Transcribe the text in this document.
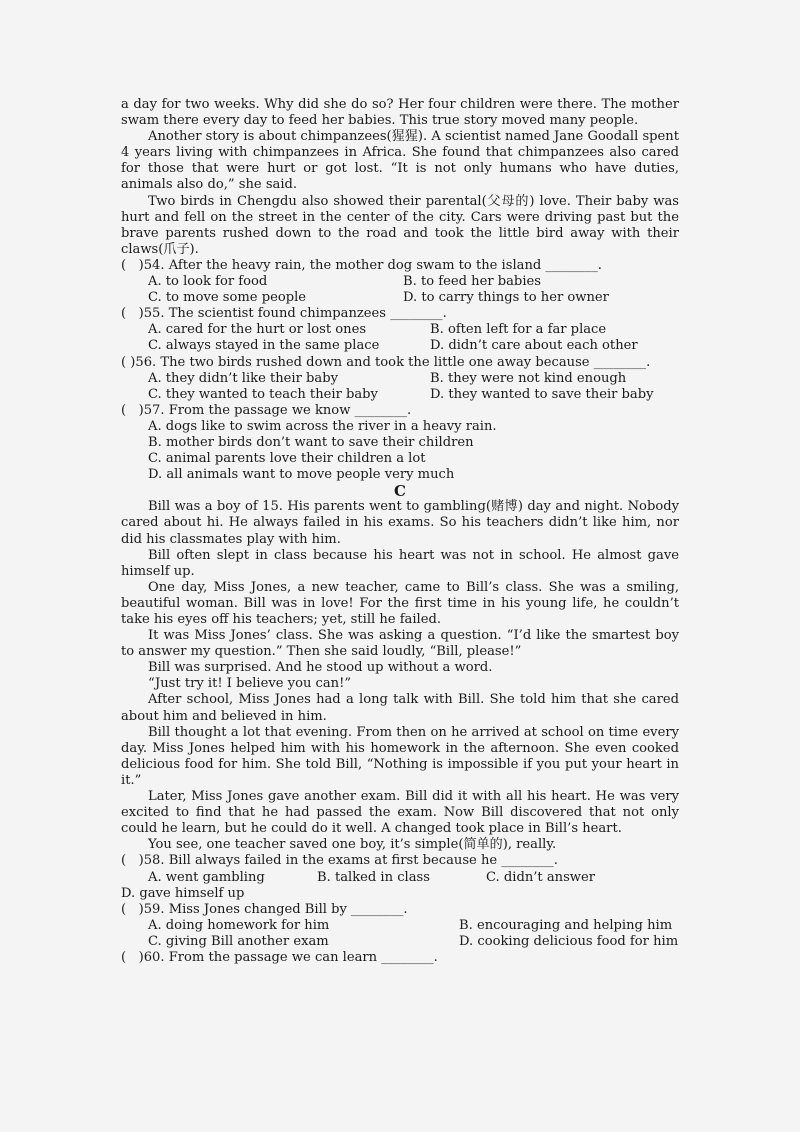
a day for two weeks. Why did she do so? Her four children were there. The mother swam there every day to feed her babies. This true story moved many people.

Another story is about chimpanzees(猩猩). A scientist named Jane Goodall spent 4 years living with chimpanzees in Africa. She found that chimpanzees also cared for those that were hurt or got lost. “It is not only humans who have duties, animals also do,” she said.

Two birds in Chengdu also showed their parental(父母的) love. Their baby was hurt and fell on the street in the center of the city. Cars were driving past but the brave parents rushed down to the road and took the little bird away with their claws(爪子).

(   )54. After the heavy rain, the mother dog swam to the island ________.

A. to look for food	B. to feed her babies

C. to move some people	D. to carry things to her owner

(   )55. The scientist found chimpanzees ________.

A. cared for the hurt or lost ones	B. often left for a far place

C. always stayed in the same place	D. didn’t care about each other

( )56. The two birds rushed down and took the little one away because ________.

A. they didn’t like their baby	B. they were not kind enough

C. they wanted to teach their baby	D. they wanted to save their baby

(   )57. From the passage we know ________.

A. dogs like to swim across the river in a heavy rain.

B. mother birds don’t want to save their children

C. animal parents love their children a lot

D. all animals want to move people very much

C

Bill was a boy of 15. His parents went to gambling(赌博) day and night. Nobody cared about hi. He always failed in his exams. So his teachers didn’t like him, nor did his classmates play with him.

Bill often slept in class because his heart was not in school. He almost gave himself up.

One day, Miss Jones, a new teacher, came to Bill’s class. She was a smiling, beautiful woman. Bill was in love! For the first time in his young life, he couldn’t take his eyes off his teachers; yet, still he failed.

It was Miss Jones’ class. She was asking a question. “I’d like the smartest boy to answer my question.” Then she said loudly, “Bill, please!”

Bill was surprised. And he stood up without a word.

“Just try it! I believe you can!”

After school, Miss Jones had a long talk with Bill. She told him that she cared about him and believed in him.

Bill thought a lot that evening. From then on he arrived at school on time every day. Miss Jones helped him with his homework in the afternoon. She even cooked delicious food for him. She told Bill, “Nothing is impossible if you put your heart in it.”

Later, Miss Jones gave another exam. Bill did it with all his heart. He was very excited to find that he had passed the exam. Now Bill discovered that not only could he learn, but he could do it well. A changed took place in Bill’s heart.

You see, one teacher saved one boy, it’s simple(简单的), really.

(   )58. Bill always failed in the exams at first because he ________.

A. went gambling	B. talked in class	C. didn’t answer

D. gave himself up

(   )59. Miss Jones changed Bill by ________.

A. doing homework for him	B. encouraging and helping him

C. giving Bill another exam	D. cooking delicious food for him

(   )60. From the passage we can learn ________.
